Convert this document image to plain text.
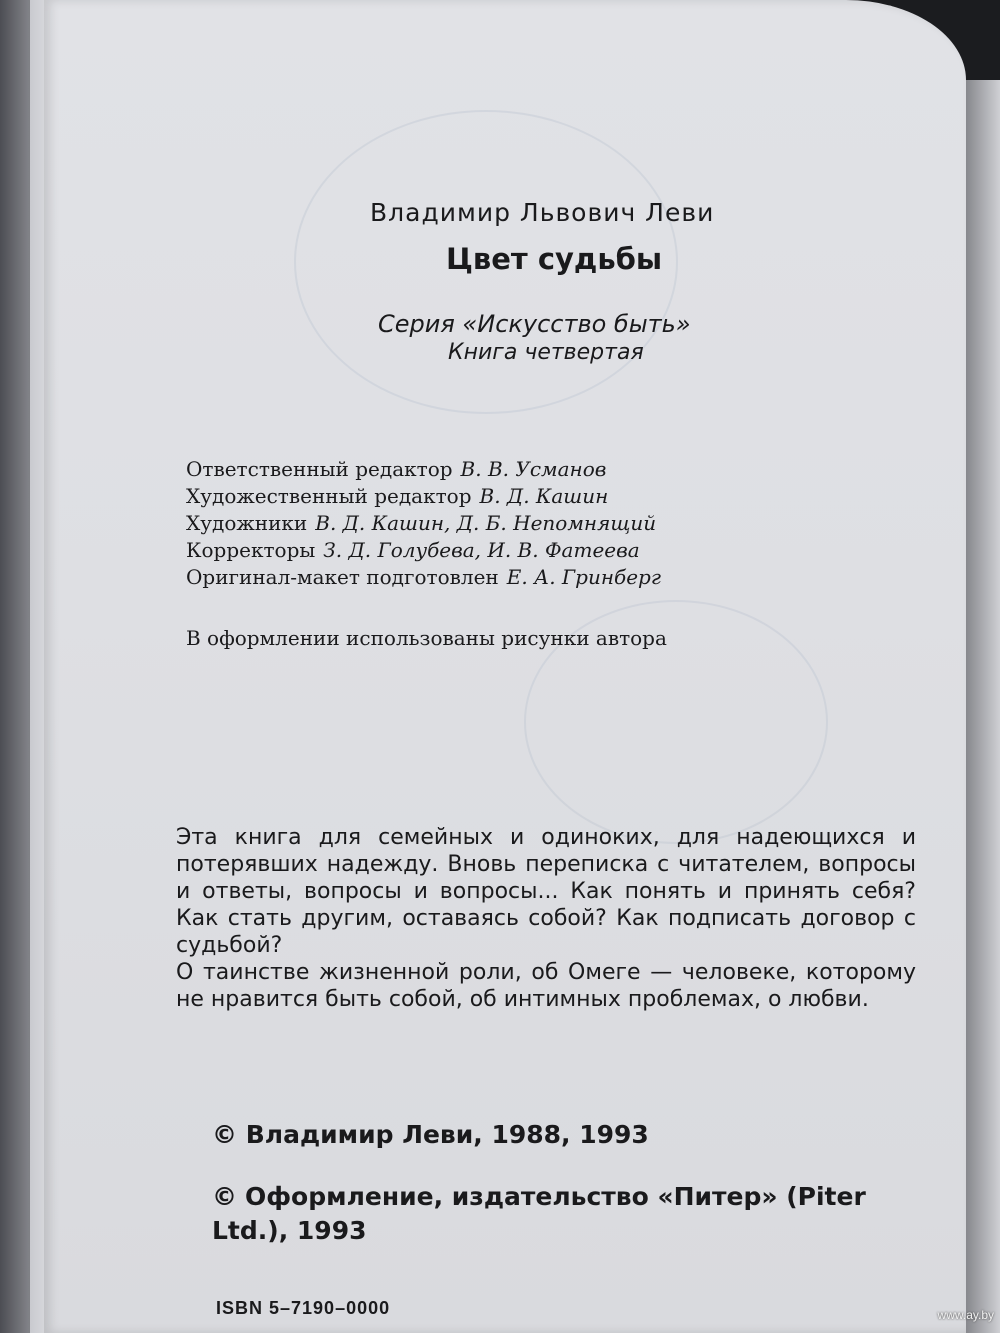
Владимир Львович Леви
Цвет судьбы
Серия «Искусство быть»
Книга четвертая
Ответственный редактор В. В. Усманов
Художественный редактор В. Д. Кашин
Художники В. Д. Кашин, Д. Б. Непомнящий
Корректоры З. Д. Голубева, И. В. Фатеева
Оригинал-макет подготовлен Е. А. Гринберг
В оформлении использованы рисунки автора

Эта книга для семейных и одиноких, для надеющихся и потерявших надежду. Вновь переписка с читателем, вопросы и ответы, вопросы и вопросы... Как понять и принять себя? Как стать другим, оставаясь собой? Как подписать договор с судьбой?

О таинстве жизненной роли, об Омеге — человеке, которому не нравится быть собой, об интимных проблемах, о любви.

© Владимир Леви, 1988, 1993
© Оформление, издательство «Питер» (Piter Ltd.), 1993
ISBN 5–7190–0000	www.ay.by
